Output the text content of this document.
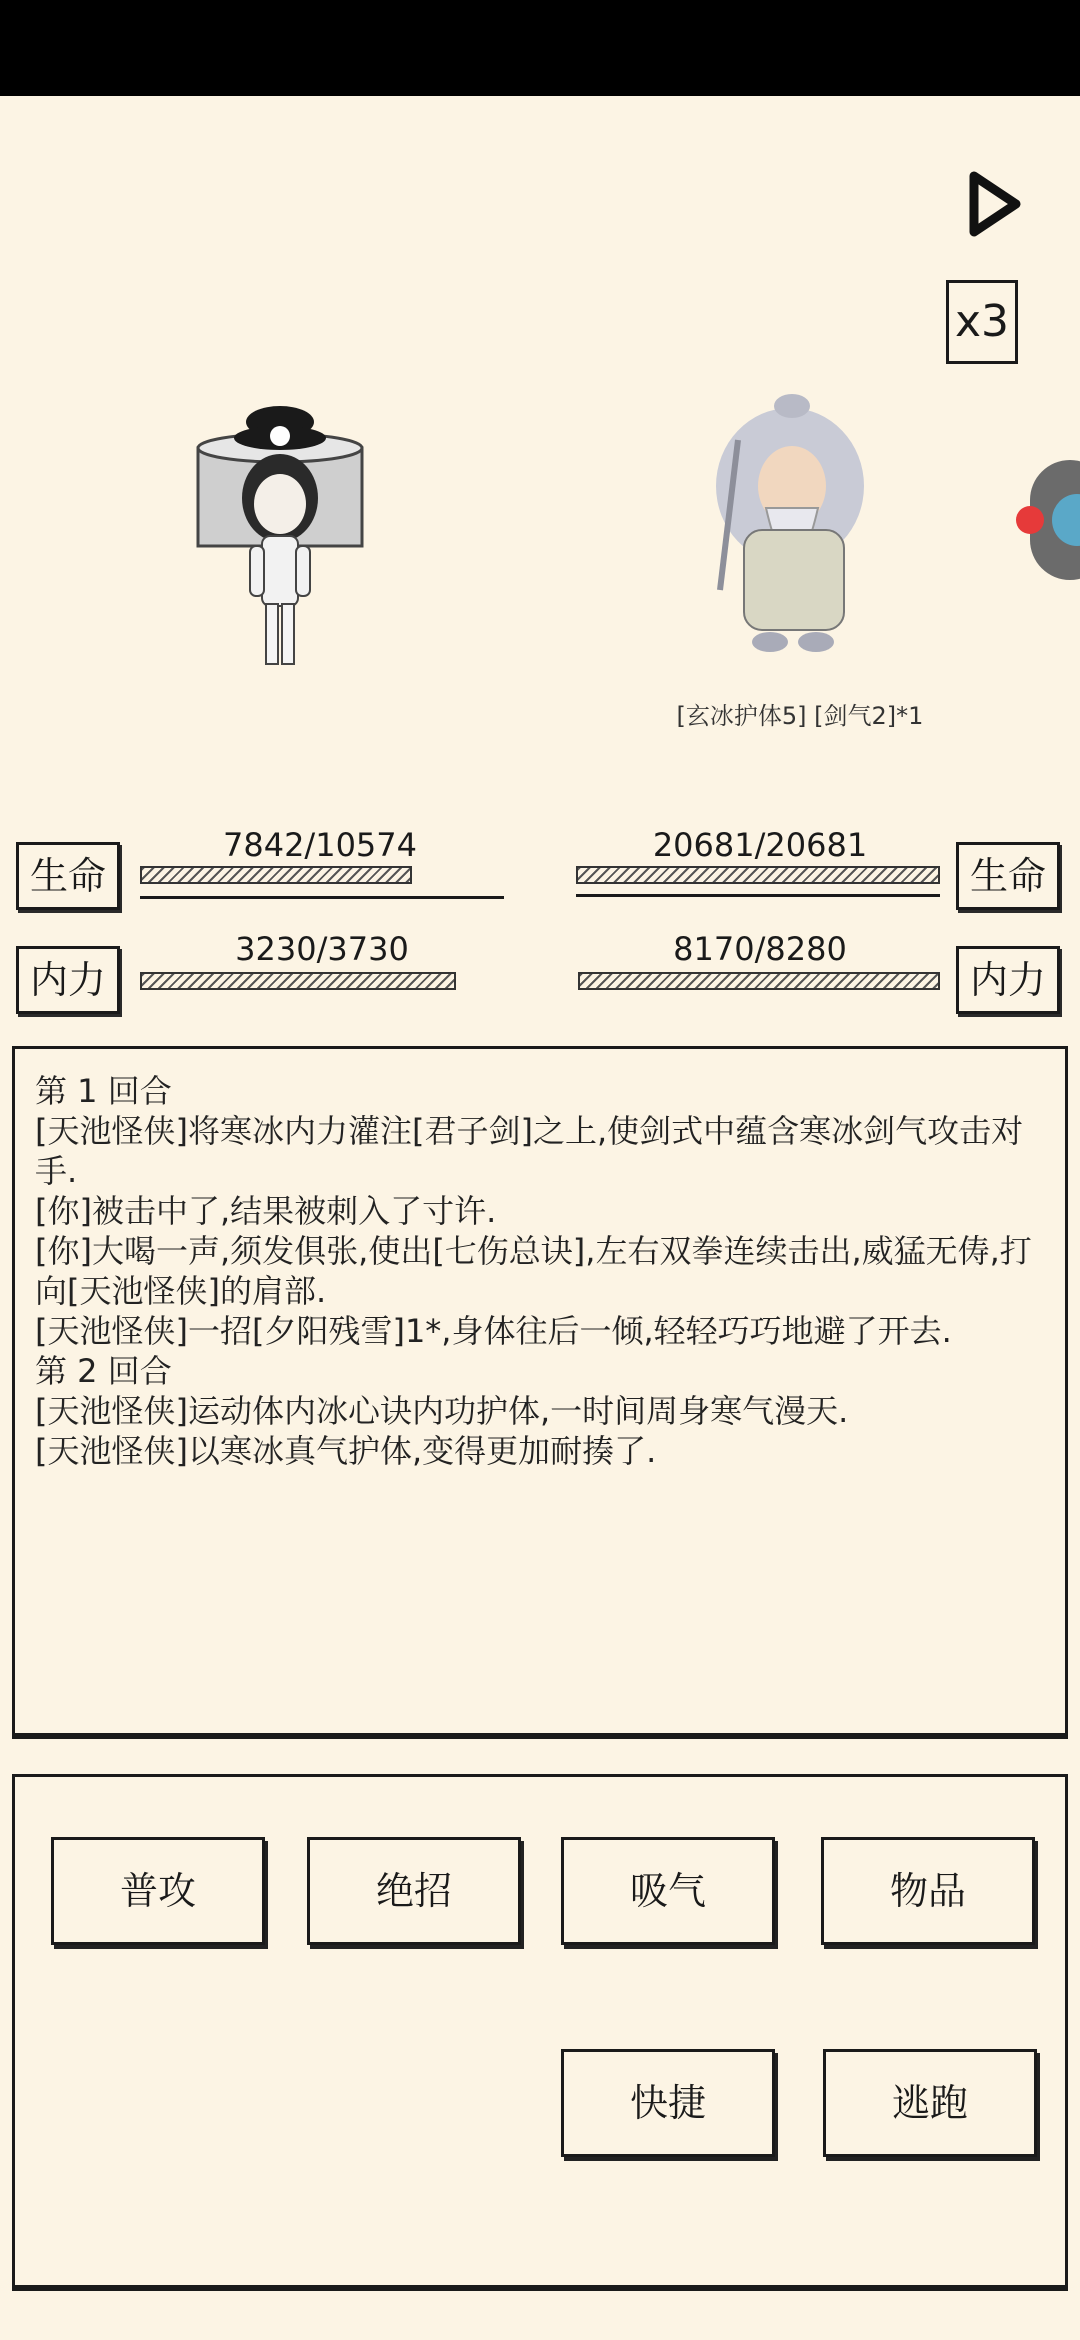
x3
[玄冰护体5] [剑气2]*1
生命
7842/10574
内力
3230/3730
生命
20681/20681
内力
8170/8280

第 1 回合

[天池怪侠]将寒冰内力灌注[君子剑]之上,使剑式中蕴含寒冰剑气攻击对手.

[你]被击中了,结果被刺入了寸许.

[你]大喝一声,须发俱张,使出[七伤总诀],左右双拳连续击出,威猛无俦,打向[天池怪侠]的肩部.

[天池怪侠]一招[夕阳残雪]1*,身体往后一倾,轻轻巧巧地避了开去.

第 2 回合

[天池怪侠]运动体内冰心诀内功护体,一时间周身寒气漫天.

[天池怪侠]以寒冰真气护体,变得更加耐揍了.

普攻	绝招	吸气	物品
快捷	逃跑
